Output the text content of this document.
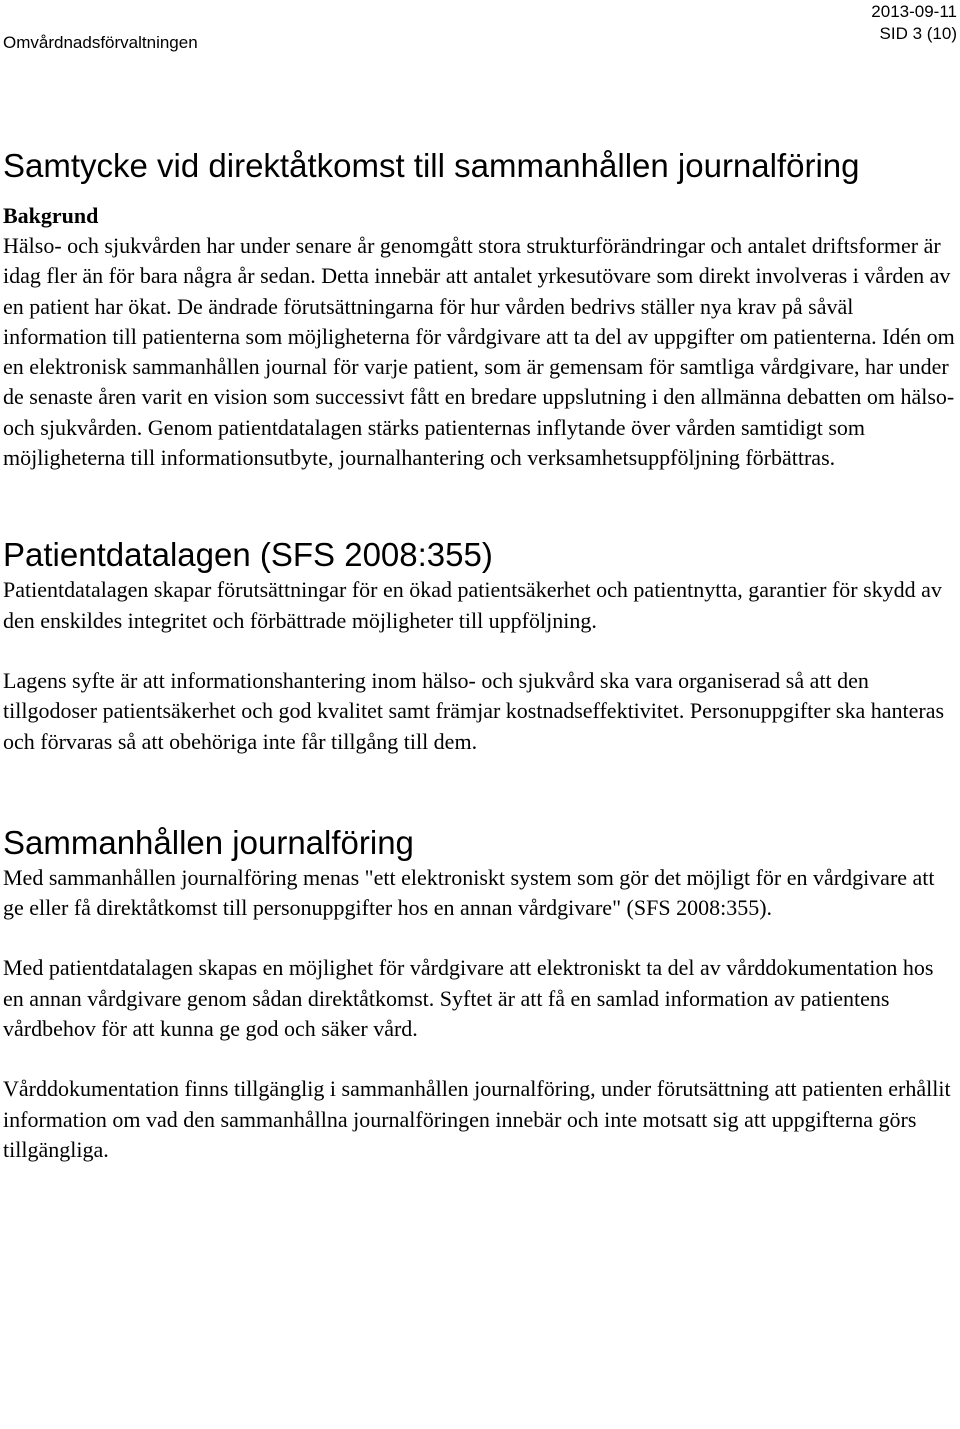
Omvårdnadsförvaltningen
2013-09-11
SID 3 (10)
Samtycke vid direktåtkomst till sammanhållen journalföring
Bakgrund

Hälso- och sjukvården har under senare år genomgått stora strukturförändringar och antalet driftsformer är idag fler än för bara några år sedan. Detta innebär att antalet yrkesutövare som direkt involveras i vården av en patient har ökat. De ändrade förutsättningarna för hur vården bedrivs ställer nya krav på såväl information till patienterna som möjligheterna för vårdgivare att ta del av uppgifter om patienterna. Idén om en elektronisk sammanhållen journal för varje patient, som är gemensam för samtliga vårdgivare, har under de senaste åren varit en vision som successivt fått en bredare uppslutning i den allmänna debatten om hälso- och sjukvården. Genom patientdatalagen stärks patienternas inflytande över vården samtidigt som möjligheterna till informationsutbyte, journalhantering och verksamhetsuppföljning förbättras.

Patientdatalagen (SFS 2008:355)

Patientdatalagen skapar förutsättningar för en ökad patientsäkerhet och patientnytta, garantier för skydd av den enskildes integritet och förbättrade möjligheter till uppföljning.

Lagens syfte är att informationshantering inom hälso- och sjukvård ska vara organiserad så att den tillgodoser patientsäkerhet och god kvalitet samt främjar kostnadseffektivitet. Personuppgifter ska hanteras och förvaras så att obehöriga inte får tillgång till dem.

Sammanhållen journalföring

Med sammanhållen journalföring menas "ett elektroniskt system som gör det möjligt för en vårdgivare att ge eller få direktåtkomst till personuppgifter hos en annan vårdgivare" (SFS 2008:355).

Med patientdatalagen skapas en möjlighet för vårdgivare att elektroniskt ta del av vårddokumentation hos en annan vårdgivare genom sådan direktåtkomst. Syftet är att få en samlad information av patientens vårdbehov för att kunna ge god och säker vård.

Vårddokumentation finns tillgänglig i sammanhållen journalföring, under förutsättning att patienten erhållit information om vad den sammanhållna journalföringen innebär och inte motsatt sig att uppgifterna görs tillgängliga.
